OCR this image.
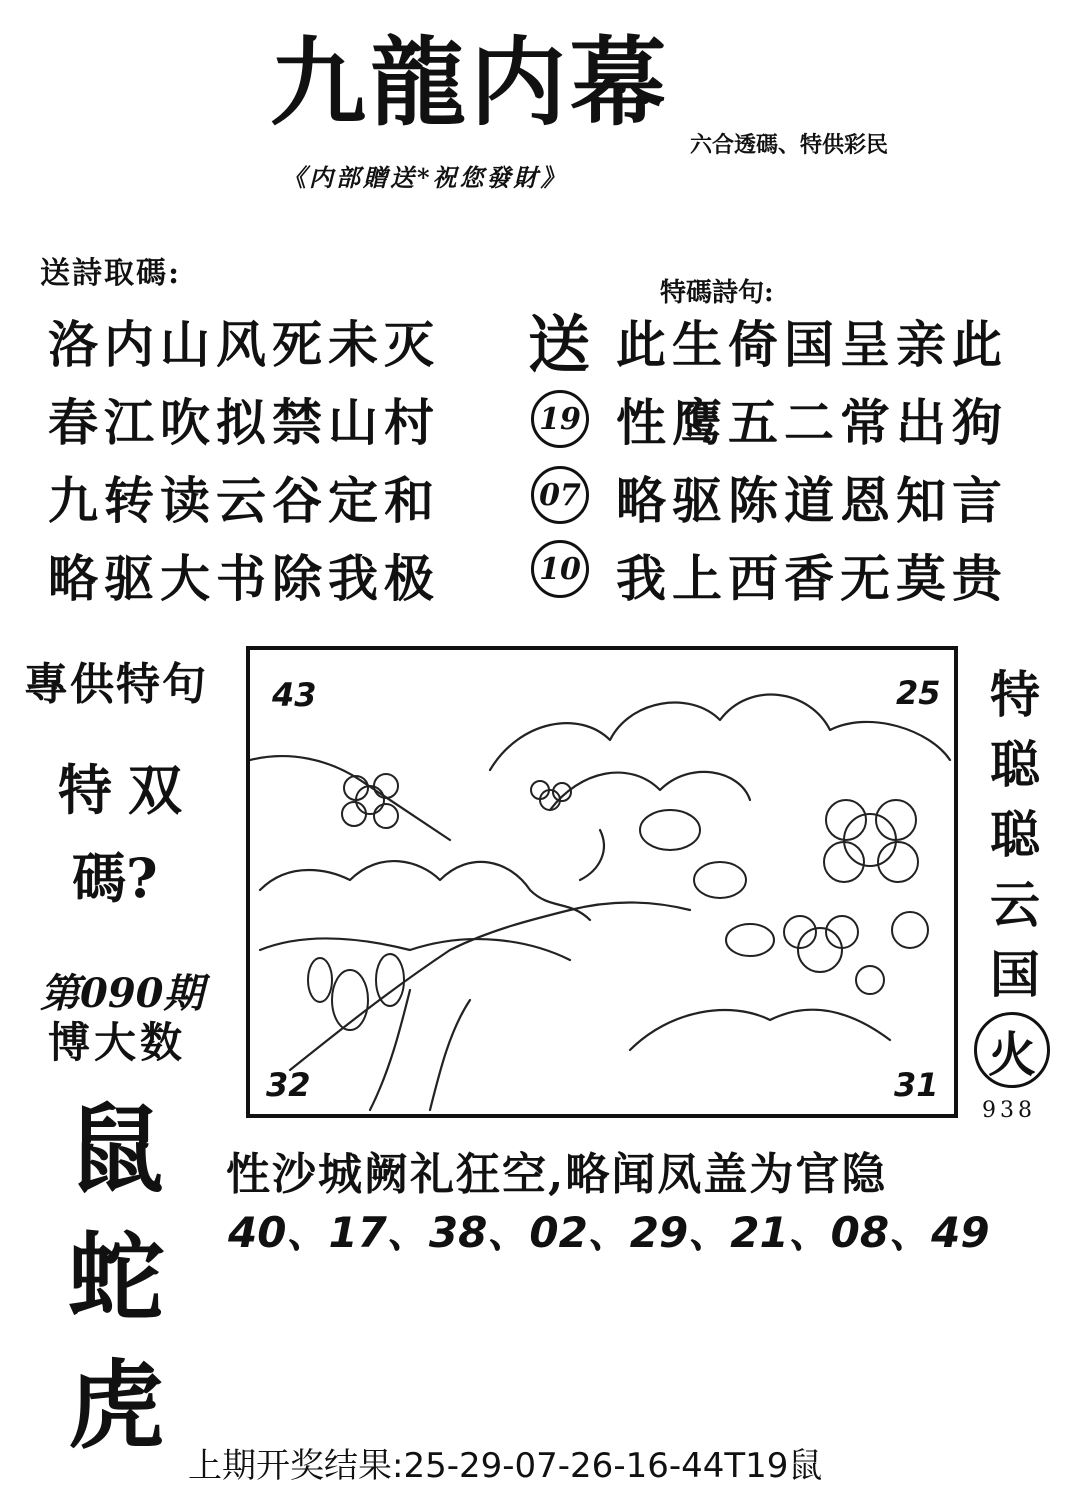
九龍内幕
六合透碼、特供彩民
《内部贈送*祝您發財》
送詩取碼:
洛内山风死未灭
春江吹拟禁山村
九转读云谷定和
略驱大书除我极
特碼詩句:
送
19
07
10
此生倚国呈亲此
性鹰五二常出狗
略驱陈道恩知言
我上西香无莫贵
專供特句
特双
碼?
第090期
博大数
鼠
蛇
虎
43	25
32	31
特
聪
聪
云
国
火
938
性沙城阙礼狂空,略闻凤盖为官隐
40、17、38、02、29、21、08、49
上期开奖结果:25-29-07-26-16-44T19鼠
